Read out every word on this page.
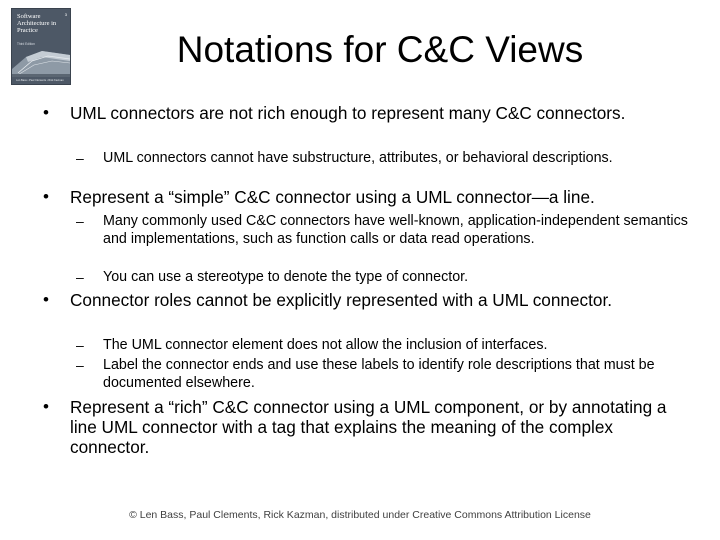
Software Architecture in Practice
3
Third Edition
Len Bass • Paul Clements • Rick Kazman
Notations for C&C Views
• UML connectors are not rich enough to represent many C&C connectors.
– UML connectors cannot have substructure, attributes, or behavioral descriptions.
• Represent a “simple” C&C connector using a UML connector—a line.
– Many commonly used C&C connectors have well-known, application-independent semantics and implementations, such as function calls or data read operations.
– You can use a stereotype to denote the type of connector.
• Connector roles cannot be explicitly represented with a UML connector.
– The UML connector element does not allow the inclusion of interfaces.
– Label the connector ends and use these labels to identify role descriptions that must be documented elsewhere.
• Represent a “rich” C&C connector using a UML component, or by annotating a line UML connector with a tag that explains the meaning of the complex connector.
© Len Bass, Paul Clements, Rick Kazman, distributed under Creative Commons Attribution License
